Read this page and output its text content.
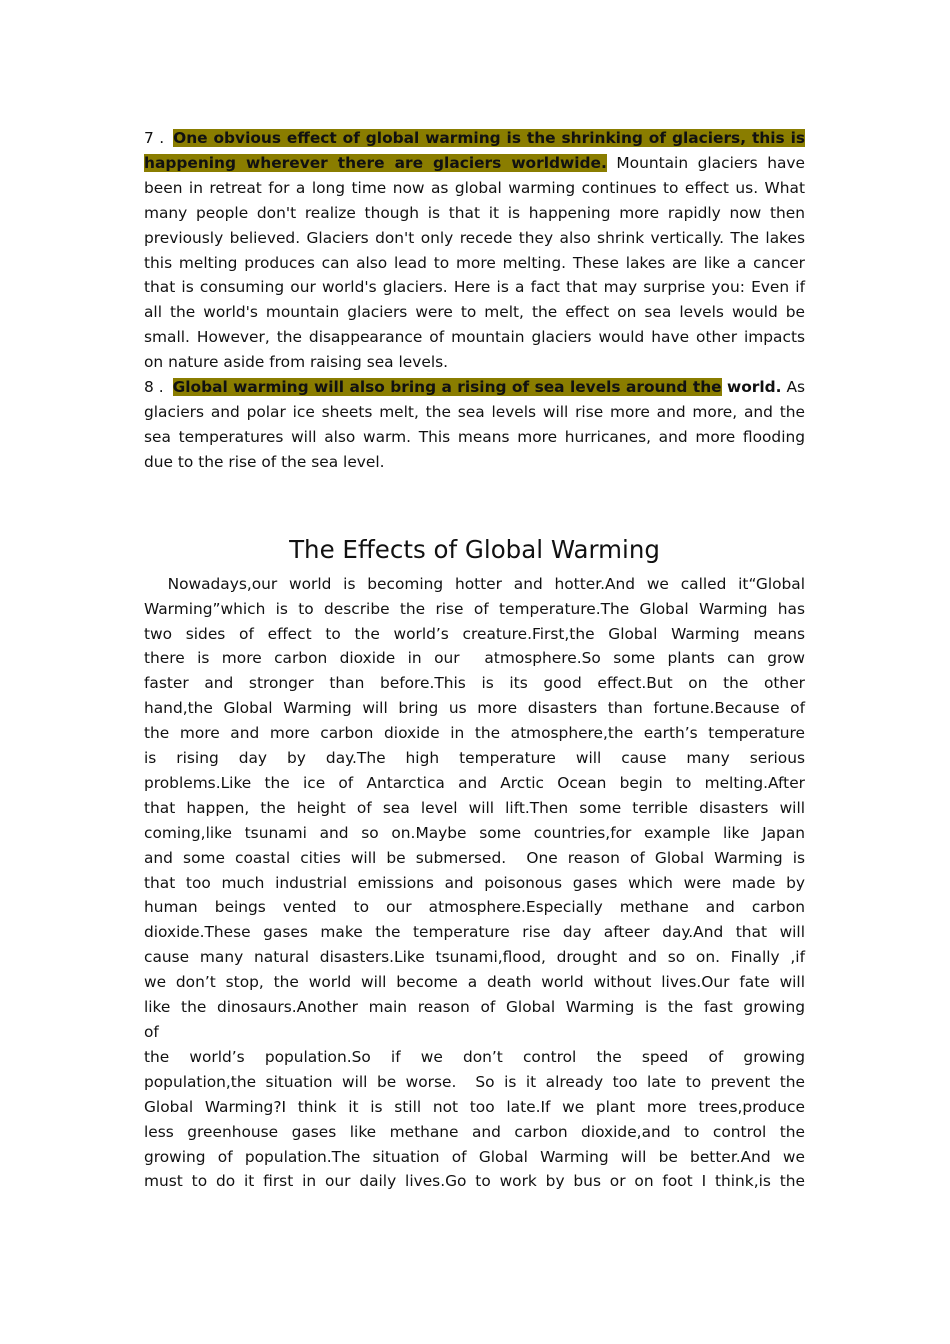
7 . One obvious effect of global warming is the shrinking of glaciers, this is happening wherever there are glaciers worldwide. Mountain glaciers have been in retreat for a long time now as global warming continues to effect us. What many people don't realize though is that it is happening more rapidly now then previously believed. Glaciers don't only recede they also shrink vertically. The lakes this melting produces can also lead to more melting. These lakes are like a cancer that is consuming our world's glaciers. Here is a fact that may surprise you: Even if all the world's mountain glaciers were to melt, the effect on sea levels would be small. However, the disappearance of mountain glaciers would have other impacts on nature aside from raising sea levels.

8 . Global warming will also bring a rising of sea levels around the world. As glaciers and polar ice sheets melt, the sea levels will rise more and more, and the sea temperatures will also warm. This means more hurricanes, and more flooding due to the rise of the sea level.

The Effects of Global Warming
Nowadays,our world is becoming hotter and hotter.And we called it“Global
Warming”which is to describe the rise of temperature.The Global Warming has
two sides of effect to the world’s creature.First,the Global Warming means
there is more carbon dioxide in our  atmosphere.So some plants can grow
faster and stronger than before.This is its good effect.But on the other
hand,the Global Warming will bring us more disasters than fortune.Because of
the more and more carbon dioxide in the atmosphere,the earth’s temperature
is rising day by day.The high temperature will cause many serious
problems.Like the ice of Antarctica and Arctic Ocean begin to melting.After
that happen, the height of sea level will lift.Then some terrible disasters will
coming,like tsunami and so on.Maybe some countries,for example like Japan
and some coastal cities will be submersed.  One reason of Global Warming is
that too much industrial emissions and poisonous gases which were made by
human beings vented to our atmosphere.Especially methane and carbon
dioxide.These gases make the temperature rise day afteer day.And that will
cause many natural disasters.Like tsunami,flood, drought and so on. Finally ,if
we don’t stop, the world will become a death world without lives.Our fate will
like the dinosaurs.Another main reason of Global Warming is the fast growing
of
the world’s population.So if we don’t control the speed of growing
population,the situation will be worse.  So is it already too late to prevent the
Global Warming?I think it is still not too late.If we plant more trees,produce
less greenhouse gases like methane and carbon dioxide,and to control the
growing of population.The situation of Global Warming will be better.And we
must to do it first in our daily lives.Go to work by bus or on foot I think,is the
